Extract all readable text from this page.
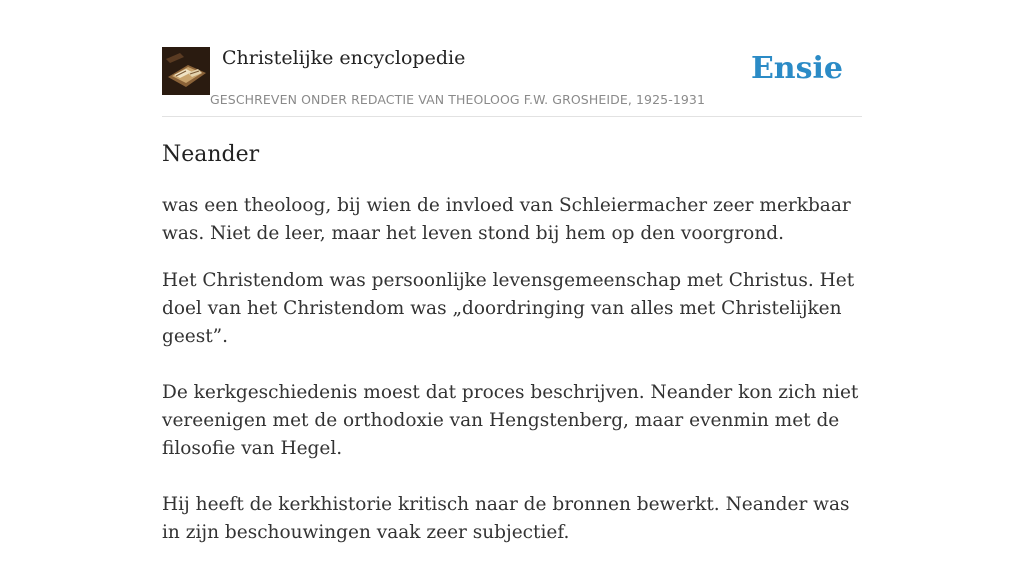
Christelijke encyclopedie
GESCHREVEN ONDER REDACTIE VAN THEOLOOG F.W. GROSHEIDE, 1925-1931
Ensie
Neander

was een theoloog, bij wien de invloed van Schleiermacher zeer merkbaar was. Niet de leer, maar het leven stond bij hem op den voorgrond.

Het Christendom was persoonlijke levensgemeenschap met Christus. Het doel van het Christendom was „doordringing van alles met Christelijken geest”.

De kerkgeschiedenis moest dat proces beschrijven. Neander kon zich niet vereenigen met de orthodoxie van Hengstenberg, maar evenmin met de filosofie van Hegel.

Hij heeft de kerkhistorie kritisch naar de bronnen bewerkt. Neander was in zijn beschouwingen vaak zeer subjectief.
